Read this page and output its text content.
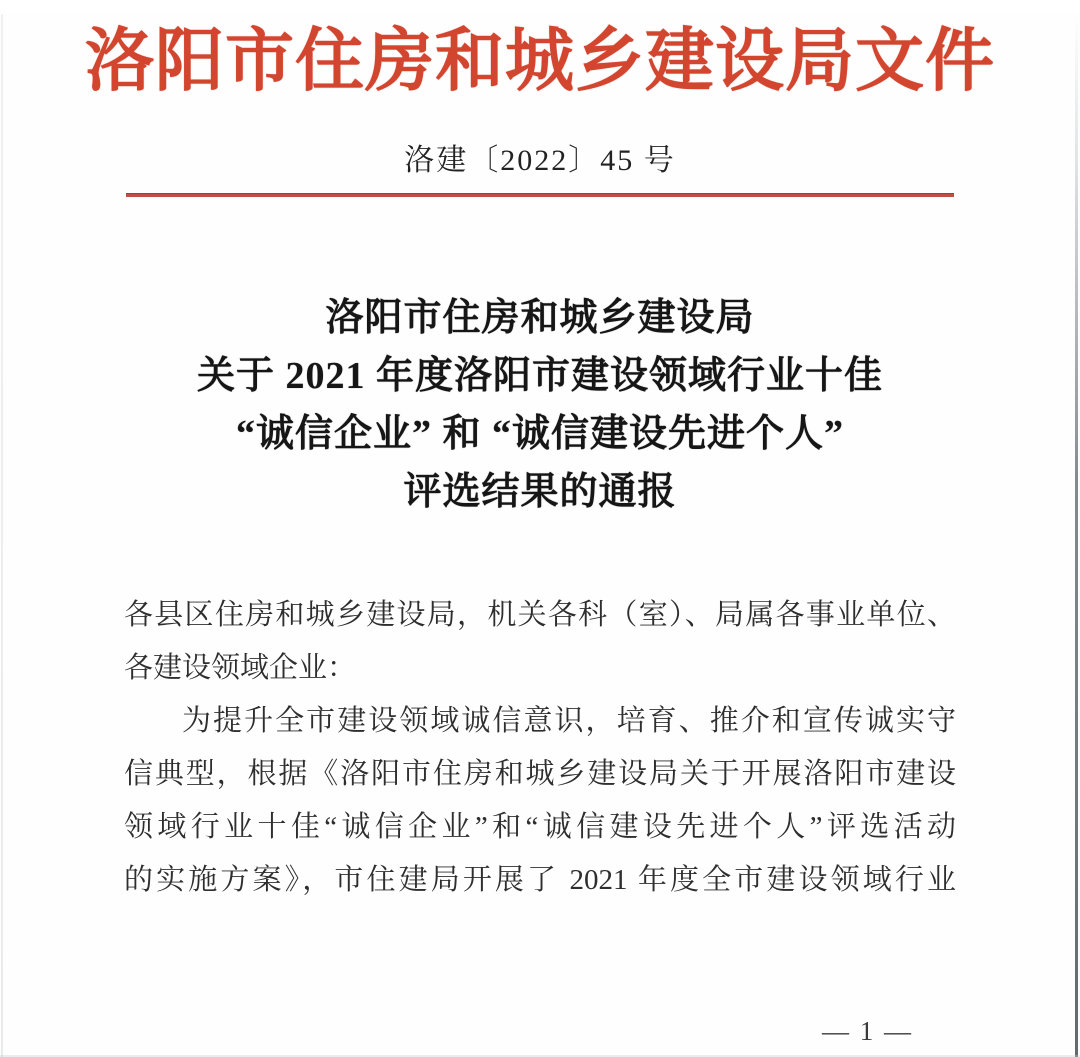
洛阳市住房和城乡建设局文件
洛建〔2022〕45 号
洛阳市住房和城乡建设局
关于 2021 年度洛阳市建设领域行业十佳
“诚信企业” 和 “诚信建设先进个人”
评选结果的通报
各县区住房和城乡建设局，机关各科（室）、局属各事业单位、
各建设领域企业：
为提升全市建设领域诚信意识，培育、推介和宣传诚实守
信典型，根据《洛阳市住房和城乡建设局关于开展洛阳市建设
领域行业十佳“诚信企业”和“诚信建设先进个人”评选活动
的实施方案》，市住建局开展了 2021 年度全市建设领域行业
— 1 —
